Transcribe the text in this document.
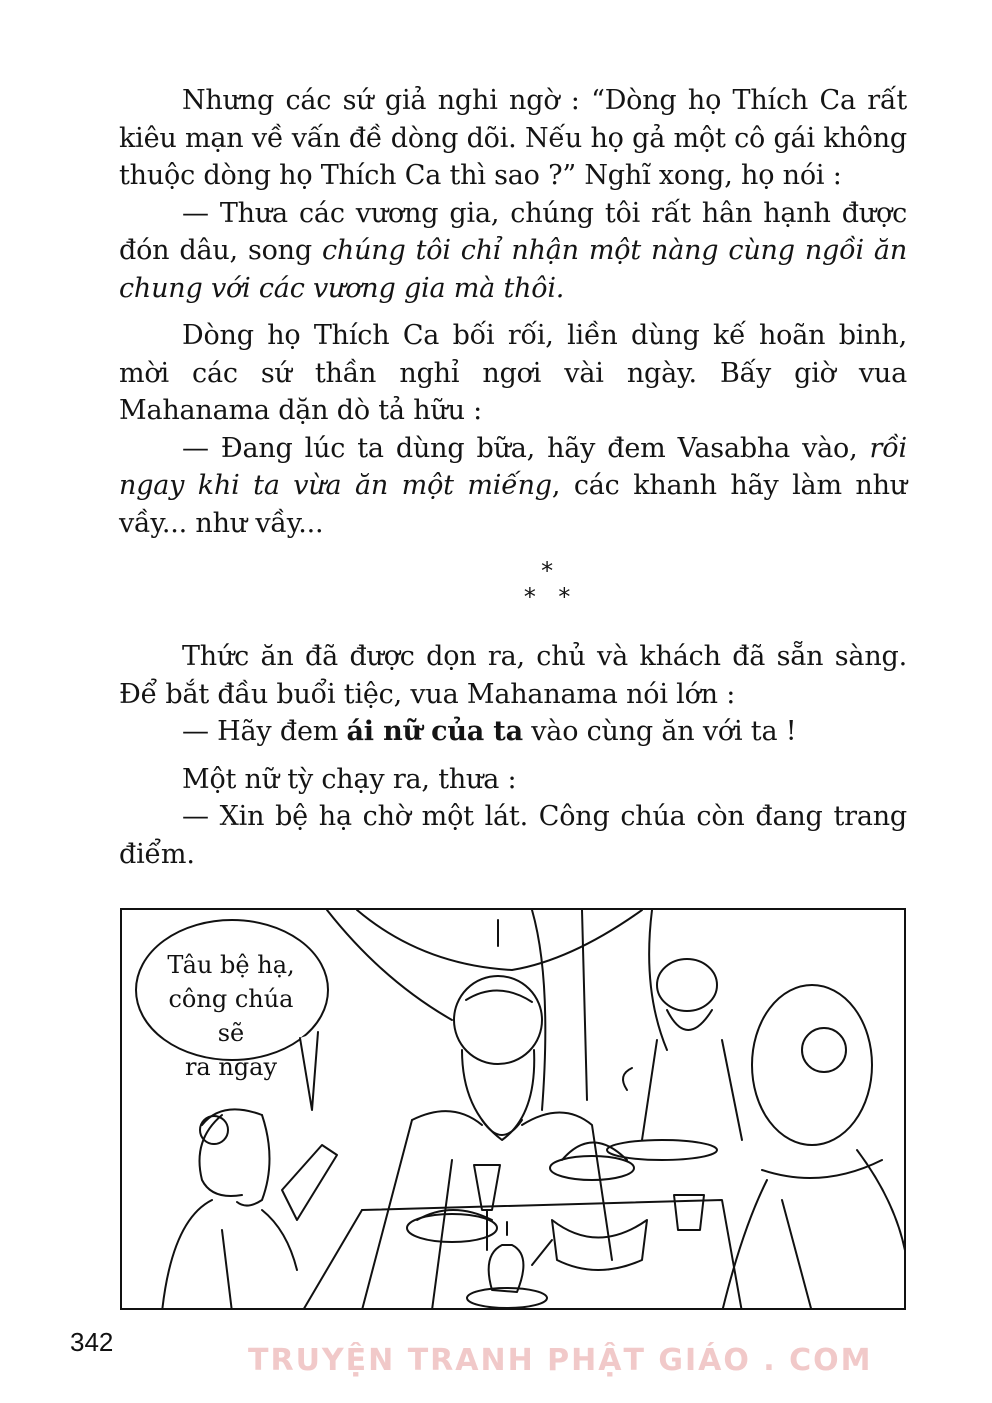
Nhưng các sứ giả nghi ngờ : “Dòng họ Thích Ca rất kiêu mạn về vấn đề dòng dõi. Nếu họ gả một cô gái không thuộc dòng họ Thích Ca thì sao ?” Nghĩ xong, họ nói :

— Thưa các vương gia, chúng tôi rất hân hạnh được đón dâu, song chúng tôi chỉ nhận một nàng cùng ngồi ăn chung với các vương gia mà thôi.

Dòng họ Thích Ca bối rối, liền dùng kế hoãn binh, mời các sứ thần nghỉ ngơi vài ngày. Bấy giờ vua Mahanama dặn dò tả hữu :

— Đang lúc ta dùng bữa, hãy đem Vasabha vào, rồi ngay khi ta vừa ăn một miếng, các khanh hãy làm như vầy... như vầy...

*
* *

Thức ăn đã được dọn ra, chủ và khách đã sẵn sàng. Để bắt đầu buổi tiệc, vua Mahanama nói lớn :

— Hãy đem ái nữ của ta vào cùng ăn với ta !

Một nữ tỳ chạy ra, thưa :

— Xin bệ hạ chờ một lát. Công chúa còn đang trang điểm.

Tâu bệ hạ,
công chúa sẽ
ra ngay
342
TRUYỆN TRANH PHẬT GIÁO . COM
